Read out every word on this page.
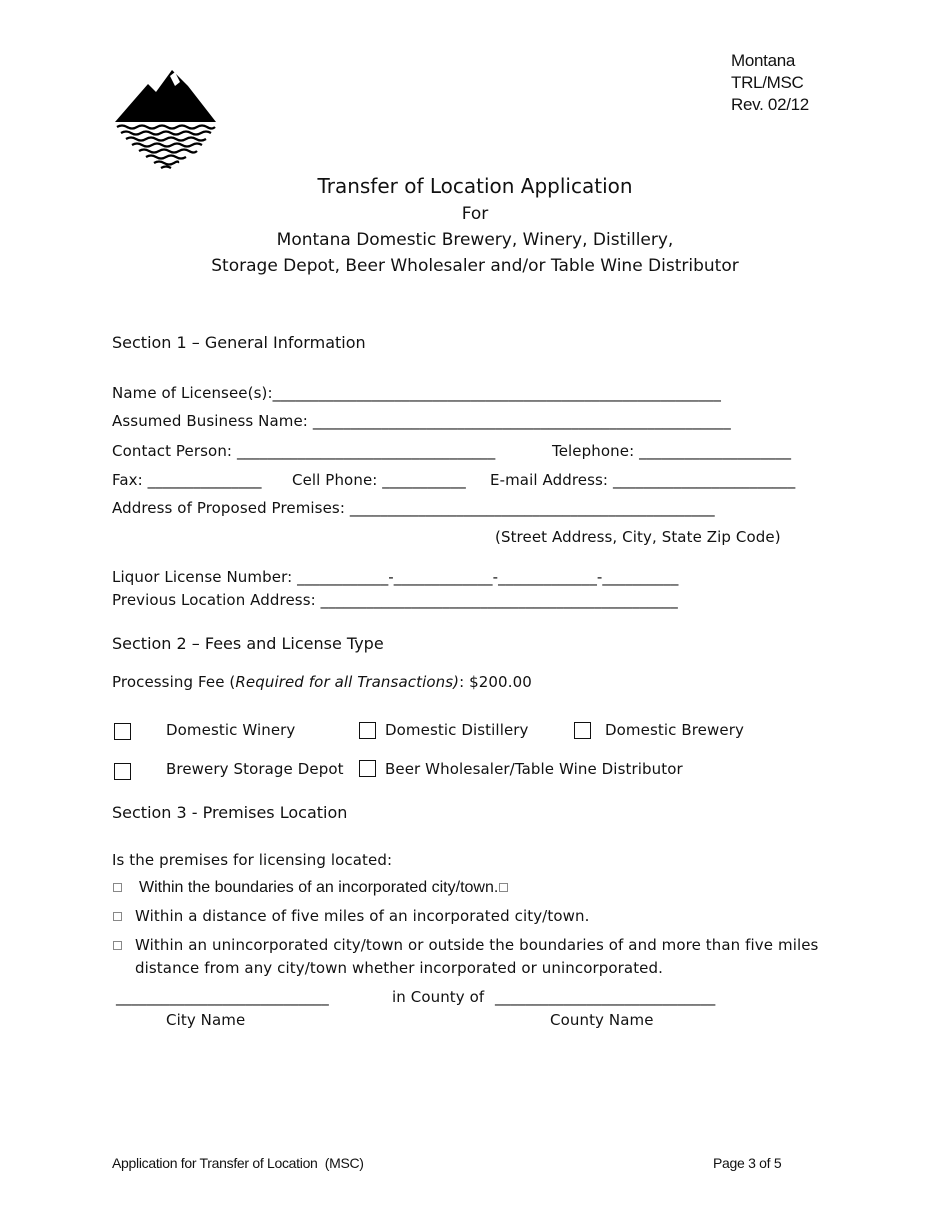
Montana
TRL/MSC
Rev. 02/12
Transfer of Location Application
For
Montana Domestic Brewery, Winery, Distillery,
Storage Depot, Beer Wholesaler and/or Table Wine Distributor
Section 1 – General Information
Name of Licensee(s):___________________________________________________________
Assumed Business Name: _______________________________________________________
Contact Person: __________________________________	Telephone: ____________________
Fax: _______________ Cell Phone: ___________ E-mail Address: ________________________
Address of Proposed Premises: ________________________________________________
(Street Address, City, State Zip Code)
Liquor License Number: ____________-_____________-_____________-__________
Previous Location Address: _______________________________________________
Section 2 – Fees and License Type
Processing Fee (Required for all Transactions): $200.00
Domestic Winery	Domestic Distillery	Domestic Brewery
Brewery Storage Depot	Beer Wholesaler/Table Wine Distributor
Section 3 - Premises Location
Is the premises for licensing located:
Within the boundaries of an incorporated city/town.
Within a distance of five miles of an incorporated city/town.
Within an unincorporated city/town or outside the boundaries of and more than five miles
distance from any city/town whether incorporated or unincorporated.
____________________________	in County of _____________________________
City Name	County Name
Application for Transfer of Location  (MSC)	Page 3 of 5
